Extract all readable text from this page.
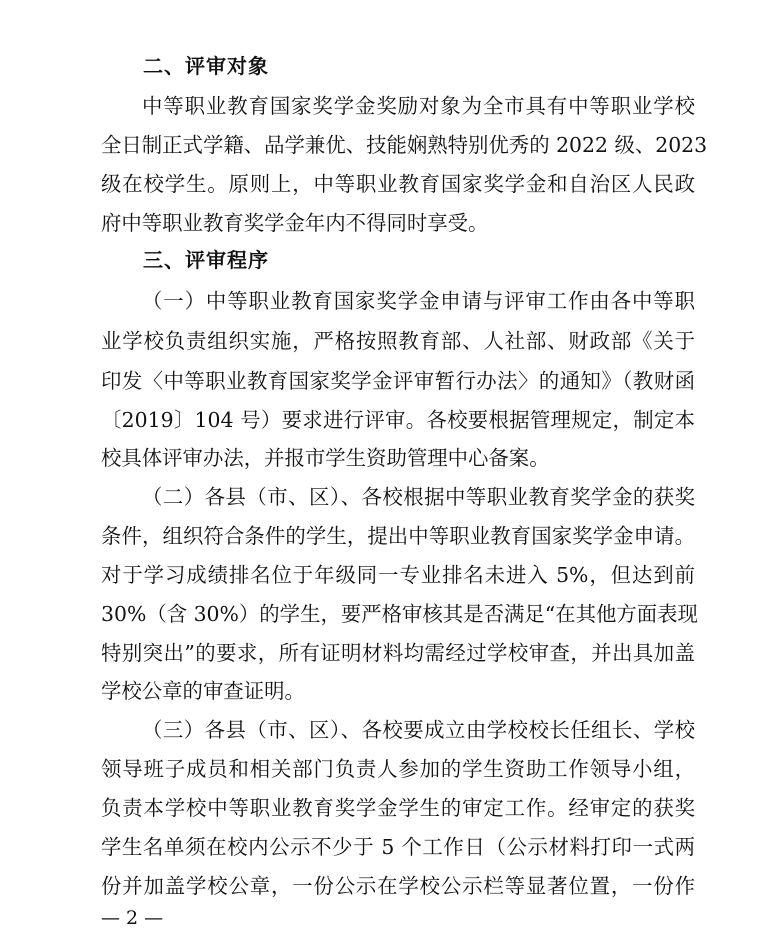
二、评审对象
中等职业教育国家奖学金奖励对象为全市具有中等职业学校
全日制正式学籍、品学兼优、技能娴熟特别优秀的 2022 级、2023
级在校学生。原则上，中等职业教育国家奖学金和自治区人民政
府中等职业教育奖学金年内不得同时享受。
三、评审程序
（一）中等职业教育国家奖学金申请与评审工作由各中等职
业学校负责组织实施，严格按照教育部、人社部、财政部《关于
印发〈中等职业教育国家奖学金评审暂行办法〉的通知》（教财函
〔2019〕104 号）要求进行评审。各校要根据管理规定，制定本
校具体评审办法，并报市学生资助管理中心备案。
（二）各县（市、区）、各校根据中等职业教育奖学金的获奖
条件，组织符合条件的学生，提出中等职业教育国家奖学金申请。
对于学习成绩排名位于年级同一专业排名未进入 5%，但达到前
30%（含 30%）的学生，要严格审核其是否满足“在其他方面表现
特别突出”的要求，所有证明材料均需经过学校审查，并出具加盖
学校公章的审查证明。
（三）各县（市、区）、各校要成立由学校校长任组长、学校
领导班子成员和相关部门负责人参加的学生资助工作领导小组，
负责本学校中等职业教育奖学金学生的审定工作。经审定的获奖
学生名单须在校内公示不少于 5 个工作日（公示材料打印一式两
份并加盖学校公章，一份公示在学校公示栏等显著位置，一份作
— 2 —
